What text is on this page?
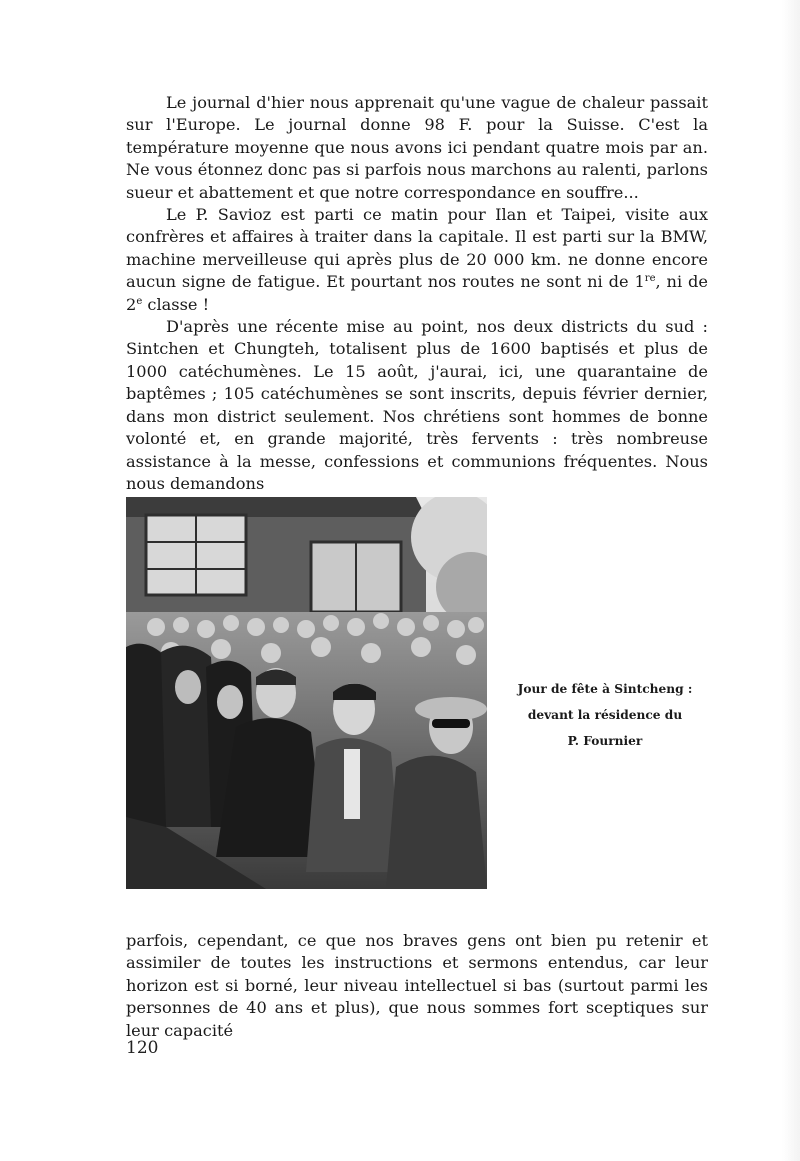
Le journal d'hier nous apprenait qu'une vague de chaleur passait sur l'Europe. Le journal donne 98 F. pour la Suisse. C'est la température moyenne que nous avons ici pendant quatre mois par an. Ne vous étonnez donc pas si parfois nous marchons au ralenti, parlons sueur et abattement et que notre correspondance en souffre...

Le P. Savioz est parti ce matin pour Ilan et Taipei, visite aux confrères et affaires à traiter dans la capitale. Il est parti sur la BMW, machine merveilleuse qui après plus de 20 000 km. ne donne encore aucun signe de fatigue. Et pourtant nos routes ne sont ni de 1re, ni de 2e classe !

D'après une récente mise au point, nos deux districts du sud : Sintchen et Chungteh, totalisent plus de 1600 baptisés et plus de 1000 catéchumènes. Le 15 août, j'aurai, ici, une quarantaine de baptêmes ; 105 catéchumènes se sont inscrits, depuis février dernier, dans mon district seulement. Nos chrétiens sont hommes de bonne volonté et, en grande majorité, très fervents : très nombreuse assistance à la messe, confessions et communions fréquentes. Nous nous demandons

Jour de fête à Sintcheng :
devant la résidence du
P. Fournier

parfois, cependant, ce que nos braves gens ont bien pu retenir et assimiler de toutes les instructions et sermons entendus, car leur horizon est si borné, leur niveau intellectuel si bas (surtout parmi les personnes de 40 ans et plus), que nous sommes fort sceptiques sur leur capacité

120
